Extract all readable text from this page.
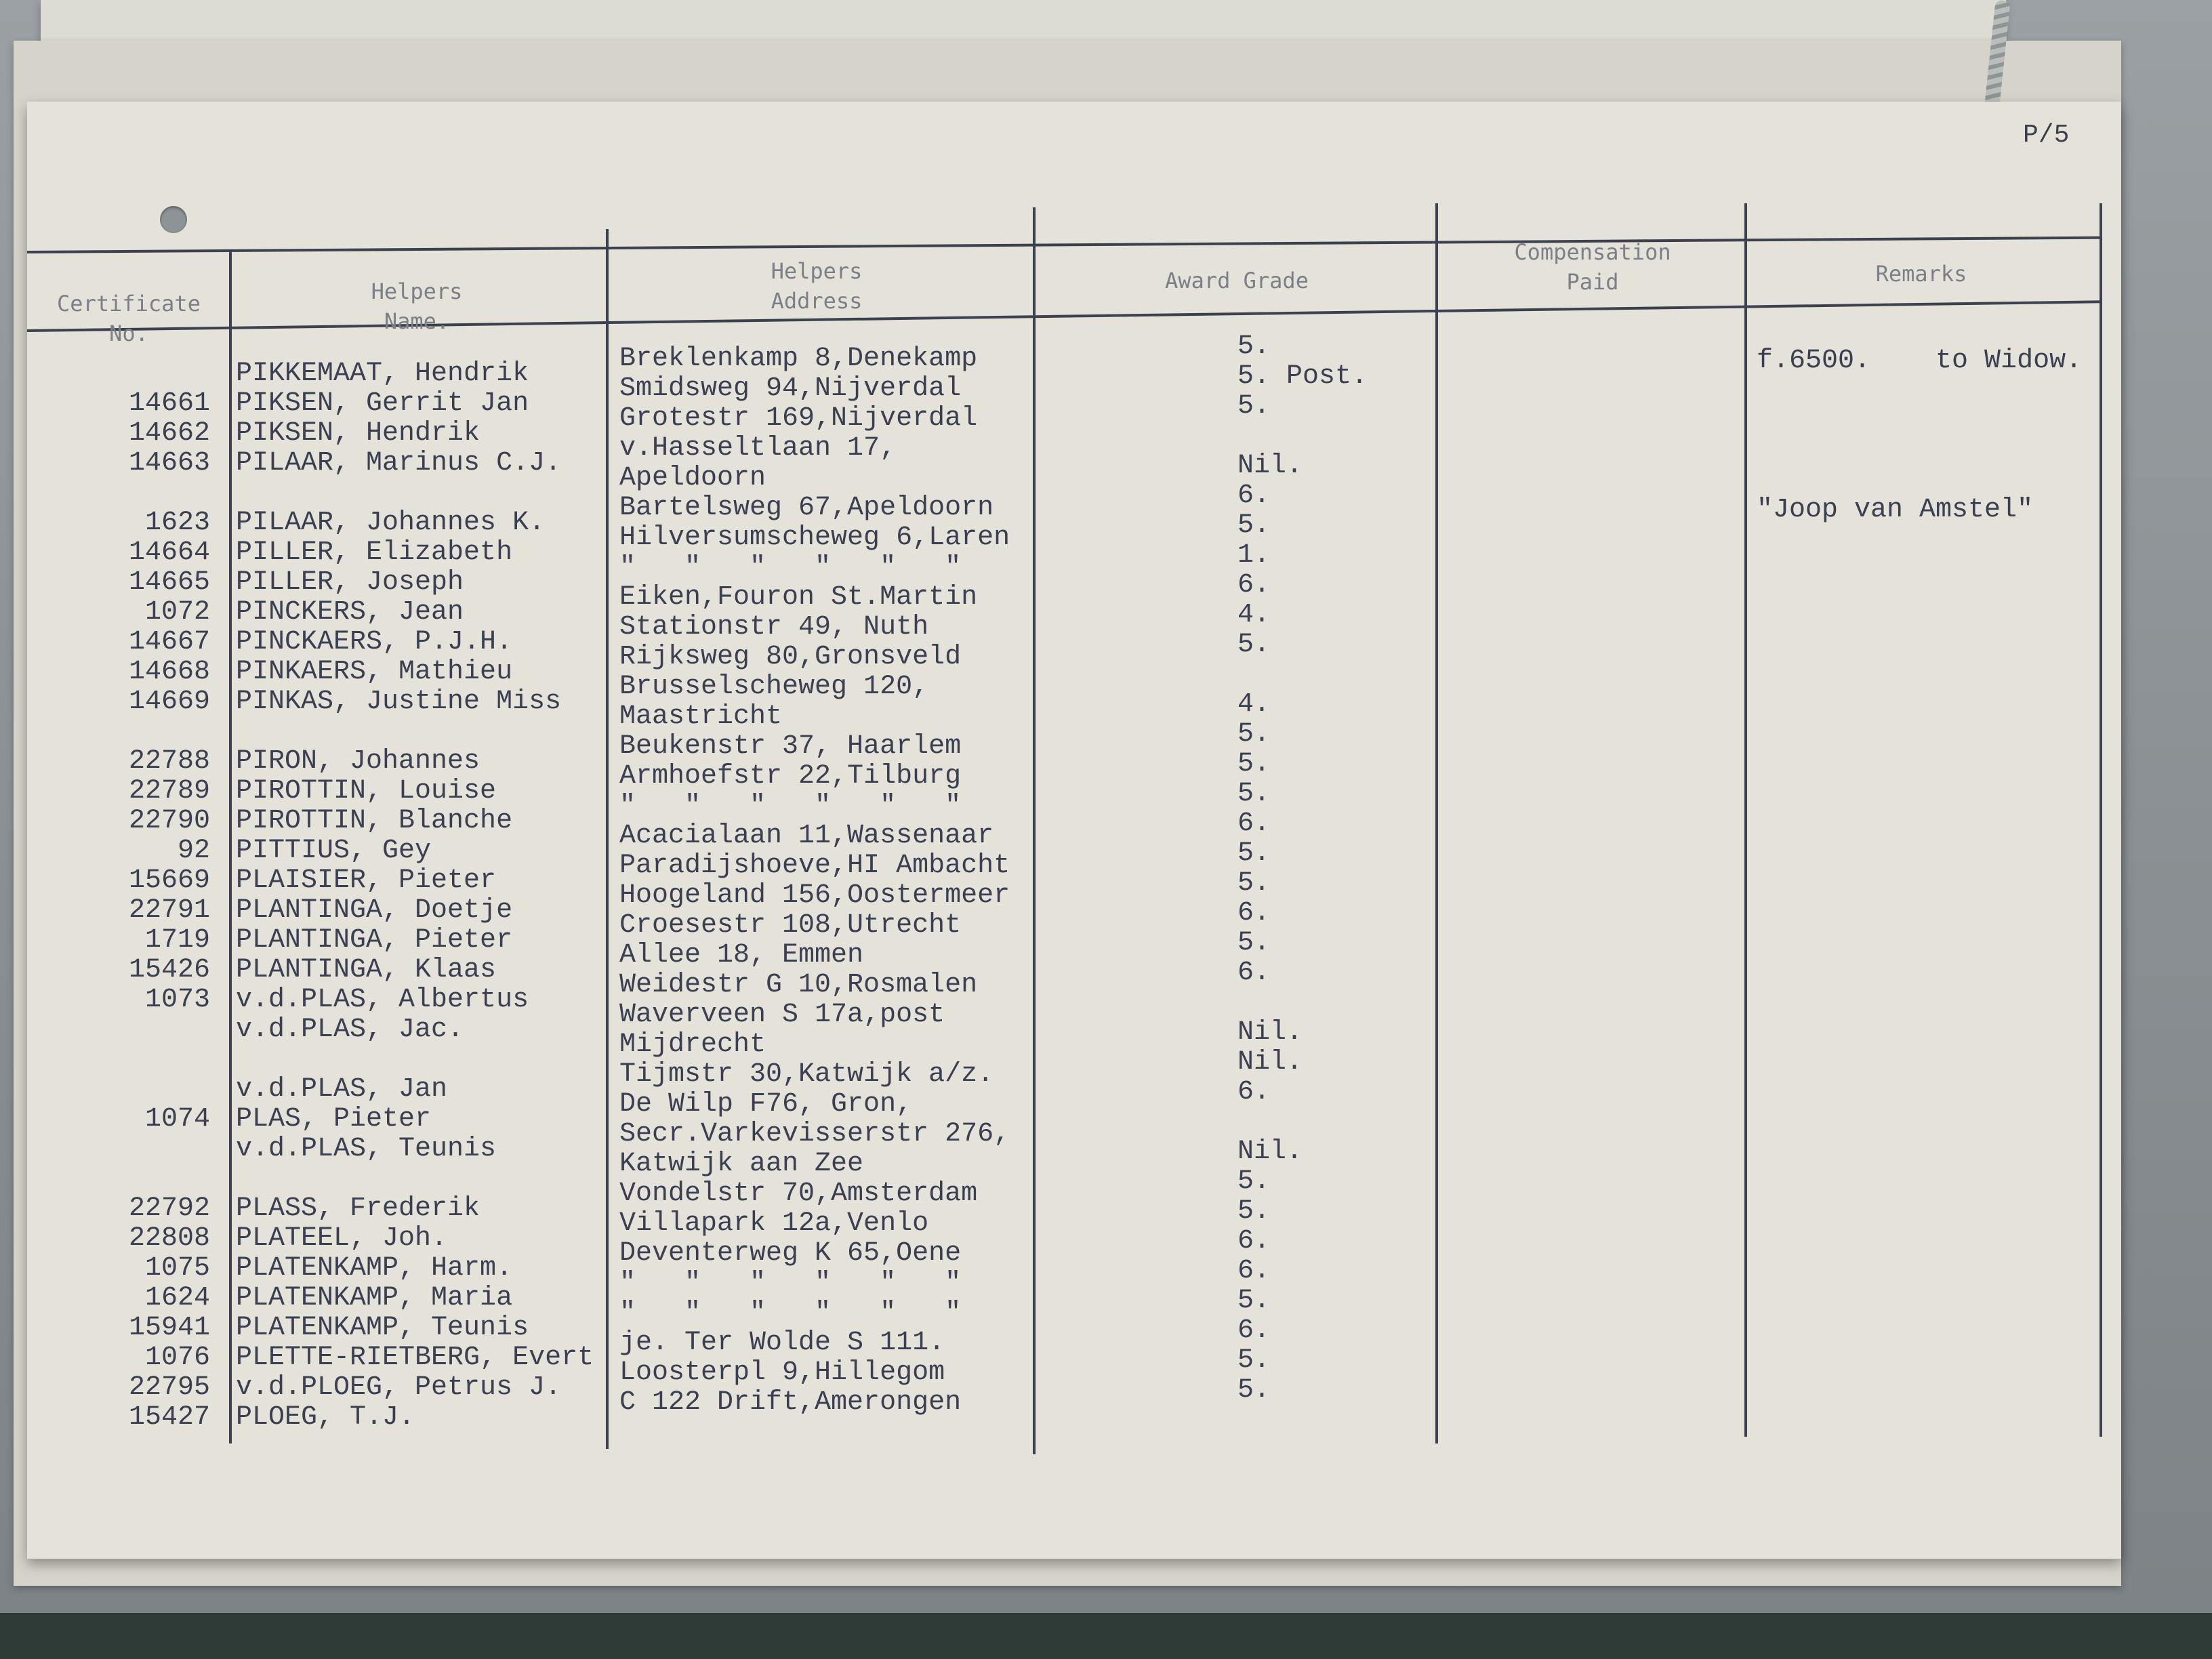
P/5
Certificate
No.
Helpers
Name.
Helpers
Address
Award Grade
Compensation
Paid	Remarks
14661
14662
14663
1623
14664
14665
1072
14667
14668
14669
22788
22789
22790
92
15669
22791
1719
15426
1073
1074
22792
22808
1075
1624
15941
1076
22795
15427
PIKKEMAAT, Hendrik
PIKSEN, Gerrit Jan
PIKSEN, Hendrik
PILAAR, Marinus C.J.
PILAAR, Johannes K.
PILLER, Elizabeth
PILLER, Joseph
PINCKERS, Jean
PINCKAERS, P.J.H.
PINKAERS, Mathieu
PINKAS, Justine Miss
PIRON, Johannes
PIROTTIN, Louise
PIROTTIN, Blanche
PITTIUS, Gey
PLAISIER, Pieter
PLANTINGA, Doetje
PLANTINGA, Pieter
PLANTINGA, Klaas
v.d.PLAS, Albertus
v.d.PLAS, Jac.
v.d.PLAS, Jan
PLAS, Pieter
v.d.PLAS, Teunis
PLASS, Frederik
PLATEEL, Joh.
PLATENKAMP, Harm.
PLATENKAMP, Maria
PLATENKAMP, Teunis
PLETTE-RIETBERG, Evert
v.d.PLOEG, Petrus J.
PLOEG, T.J.
Breklenkamp 8,Denekamp
Smidsweg 94,Nijverdal
Grotestr 169,Nijverdal
v.Hasseltlaan 17,
Apeldoorn
Bartelsweg 67,Apeldoorn
Hilversumscheweg 6,Laren
"   "   "   "   "   "
Eiken,Fouron St.Martin
Stationstr 49, Nuth
Rijksweg 80,Gronsveld
Brusselscheweg 120,
Maastricht
Beukenstr 37, Haarlem
Armhoefstr 22,Tilburg
"   "   "   "   "   "
Acacialaan 11,Wassenaar
Paradijshoeve,HI Ambacht
Hoogeland 156,Oostermeer
Croesestr 108,Utrecht
Allee 18, Emmen
Weidestr G 10,Rosmalen
Waverveen S 17a,post
Mijdrecht
Tijmstr 30,Katwijk a/z.
De Wilp F76, Gron,
Secr.Varkevisserstr 276,
Katwijk aan Zee
Vondelstr 70,Amsterdam
Villapark 12a,Venlo
Deventerweg K 65,Oene
"   "   "   "   "   "
"   "   "   "   "   "
je. Ter Wolde S 111.
Loosterpl 9,Hillegom
C 122 Drift,Amerongen
5.
5. Post.
5.
Nil.
6.
5.
1.
6.
4.
5.
4.
5.
5.
5.
6.
5.
5.
6.
5.
6.
Nil.
Nil.
6.
Nil.
5.
5.
6.
6.
5.
6.
5.
5.
f.6500.    to Widow.
"Joop van Amstel"
